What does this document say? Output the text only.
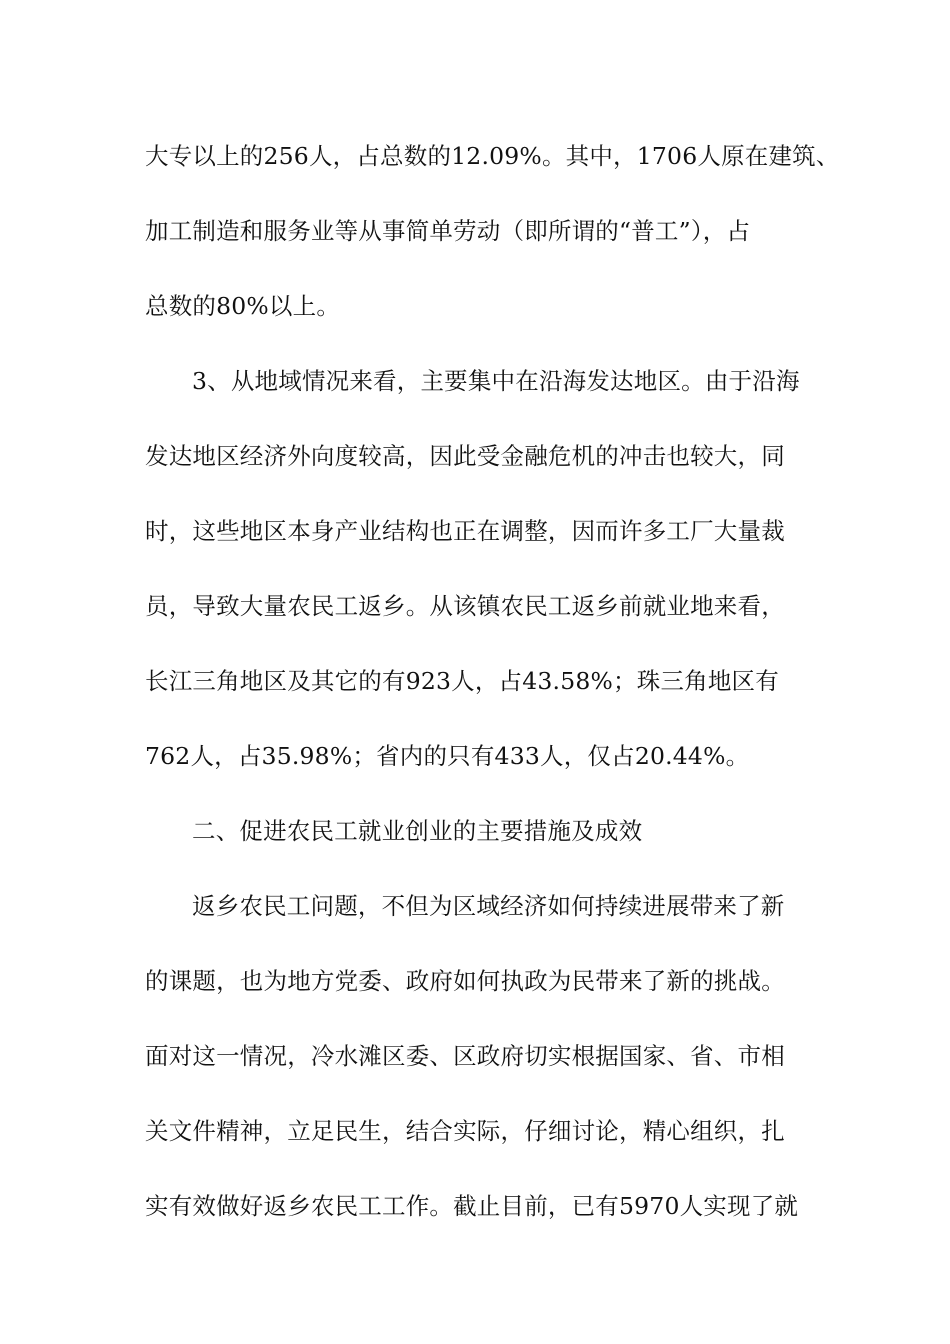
大专以上的256人，占总数的12.09%。其中，1706人原在建筑、
加工制造和服务业等从事简单劳动（即所谓的“普工”），占
总数的80%以上。
3、从地域情况来看，主要集中在沿海发达地区。由于沿海
发达地区经济外向度较高，因此受金融危机的冲击也较大，同
时，这些地区本身产业结构也正在调整，因而许多工厂大量裁
员，导致大量农民工返乡。从该镇农民工返乡前就业地来看，
长江三角地区及其它的有923人，占43.58%；珠三角地区有
762人，占35.98%；省内的只有433人，仅占20.44%。
二、促进农民工就业创业的主要措施及成效
返乡农民工问题，不但为区域经济如何持续进展带来了新
的课题，也为地方党委、政府如何执政为民带来了新的挑战。
面对这一情况，冷水滩区委、区政府切实根据国家、省、市相
关文件精神，立足民生，结合实际，仔细讨论，精心组织，扎
实有效做好返乡农民工工作。截止目前，已有5970人实现了就
